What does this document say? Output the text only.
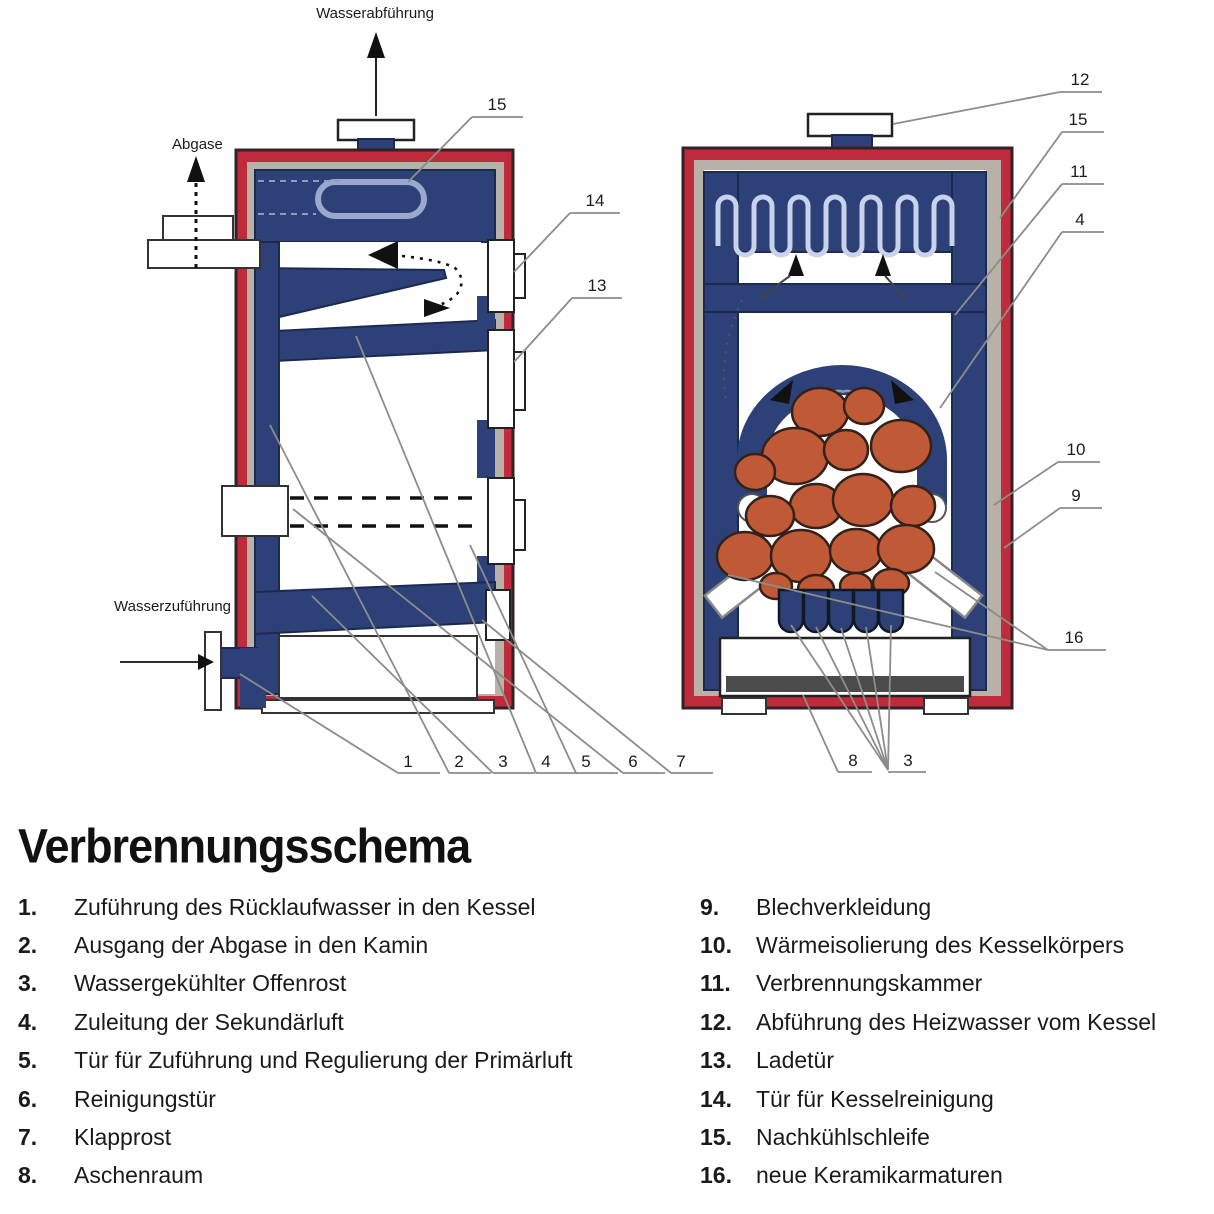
Wasserabführung
Abgase
Wasserzuführung
15
14
13
1 2 3 4 5 6 7
12
15
11
4
10
9
16
8	3
Verbrennungsschema
1.	Zuführung des Rücklaufwasser in den Kessel
2.	Ausgang der Abgase in den Kamin
3.	Wassergekühlter Offenrost
4.	Zuleitung der Sekundärluft
5.	Tür für Zuführung und Regulierung der Primärluft
6.	Reinigungstür
7.	Klapprost
8.	Aschenraum
9.	Blechverkleidung
10.	Wärmeisolierung des Kesselkörpers
11.	Verbrennungskammer
12.	Abführung des Heizwasser vom Kessel
13.	Ladetür
14.	Tür für Kesselreinigung
15.	Nachkühlschleife
16.	neue Keramikarmaturen
